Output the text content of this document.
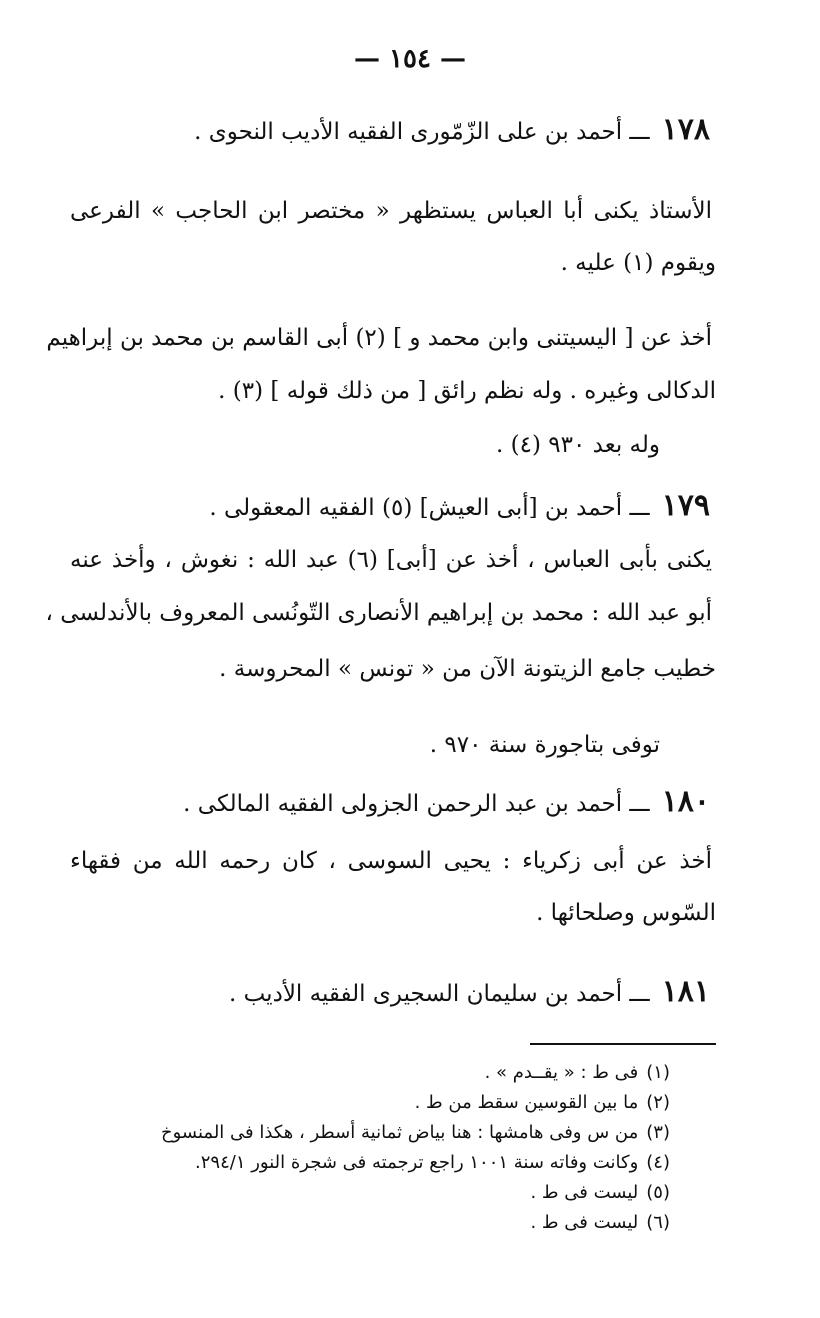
— ١٥٤ —
١٧٨ـــ أحمد بن على الزّمّورى الفقيه الأديب النحوى .
الأستاذ يكنى أبا العباس يستظهر « مختصر ابن الحاجب » الفرعى
ويقوم (١) عليه .
أخذ عن [ اليسيتنى وابن محمد و ] (٢) أبى القاسم بن محمد بن إبراهيم
الدكالى وغيره . وله نظم رائق [ من ذلك قوله ] (٣) .
وله بعد ٩٣٠ (٤) .
١٧٩ـــ أحمد بن [أبى العيش] (٥) الفقيه المعقولى .
يكنى بأبى العباس ، أخذ عن [أبى] (٦) عبد الله : نغوش ، وأخذ عنه
أبو عبد الله : محمد بن إبراهيم الأنصارى التّونُسى المعروف بالأندلسى ،
خطيب جامع الزيتونة الآن من « تونس » المحروسة .
توفى بتاجورة سنة ٩٧٠ .
١٨٠ـــ أحمد بن عبد الرحمن الجزولى الفقيه المالكى .
أخذ عن أبى زكرياء : يحيى السوسى ، كان رحمه الله من فقهاء
السّوس وصلحائها .
١٨١ـــ أحمد بن سليمان السجيرى الفقيه الأديب .
(١)فى ط : « يقــدم » .
(٢)ما بين القوسين سقط من ط .
(٣)من س وفى هامشها : هنا بياض ثمانية أسطر ، هكذا فى المنسوخ
(٤)وكانت وفاته سنة ١٠٠١ راجع ترجمته فى شجرة النور ٢٩٤/١.
(٥)ليست فى ط .
(٦)ليست فى ط .
